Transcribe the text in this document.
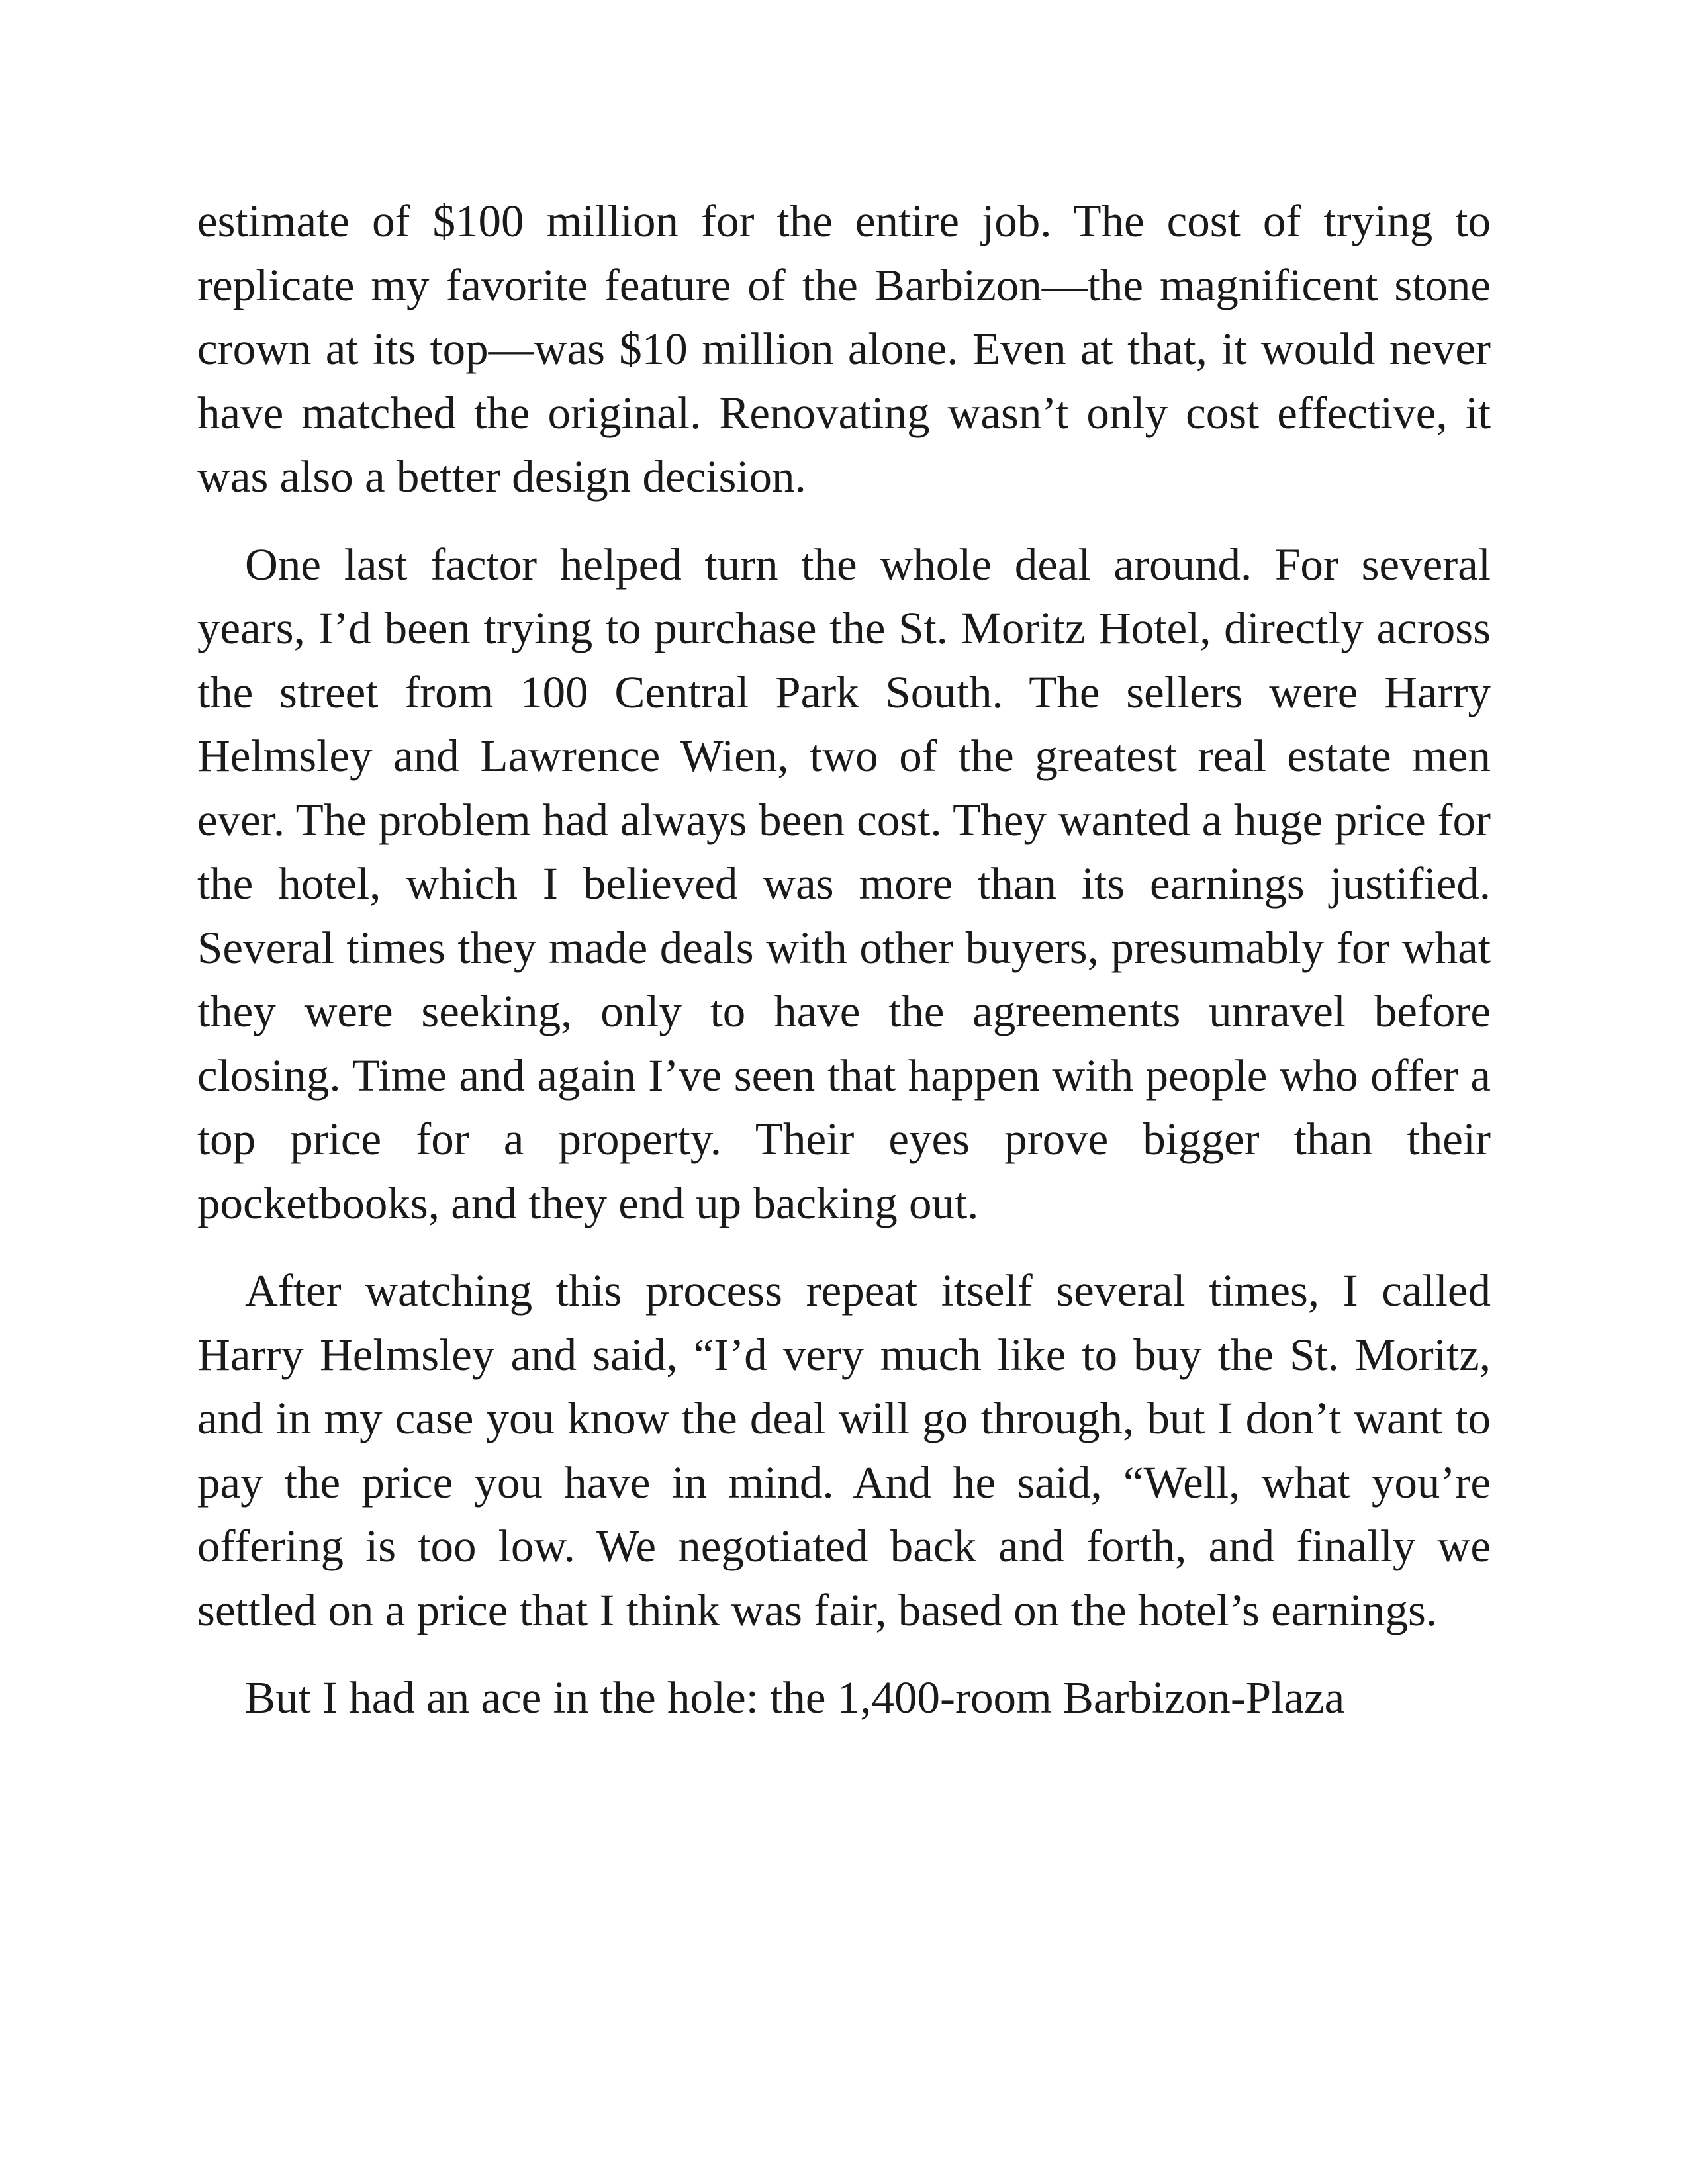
estimate of $100 million for the entire job. The cost of trying to replicate my favorite feature of the Barbizon—the magnificent stone crown at its top—was $10 million alone. Even at that, it would never have matched the original. Renovating wasn’t only cost effective, it was also a better design decision.

One last factor helped turn the whole deal around. For several years, I’d been trying to purchase the St. Moritz Hotel, directly across the street from 100 Central Park South. The sellers were Harry Helmsley and Lawrence Wien, two of the greatest real estate men ever. The problem had always been cost. They wanted a huge price for the hotel, which I believed was more than its earnings justified. Several times they made deals with other buyers, presumably for what they were seeking, only to have the agreements unravel before closing. Time and again I’ve seen that happen with people who offer a top price for a property. Their eyes prove bigger than their pocketbooks, and they end up backing out.

After watching this process repeat itself several times, I called Harry Helmsley and said, “I’d very much like to buy the St. Moritz, and in my case you know the deal will go through, but I don’t want to pay the price you have in mind. And he said, “Well, what you’re offering is too low. We negotiated back and forth, and finally we settled on a price that I think was fair, based on the hotel’s earnings.

But I had an ace in the hole: the 1,400-room Barbizon-Plaza
